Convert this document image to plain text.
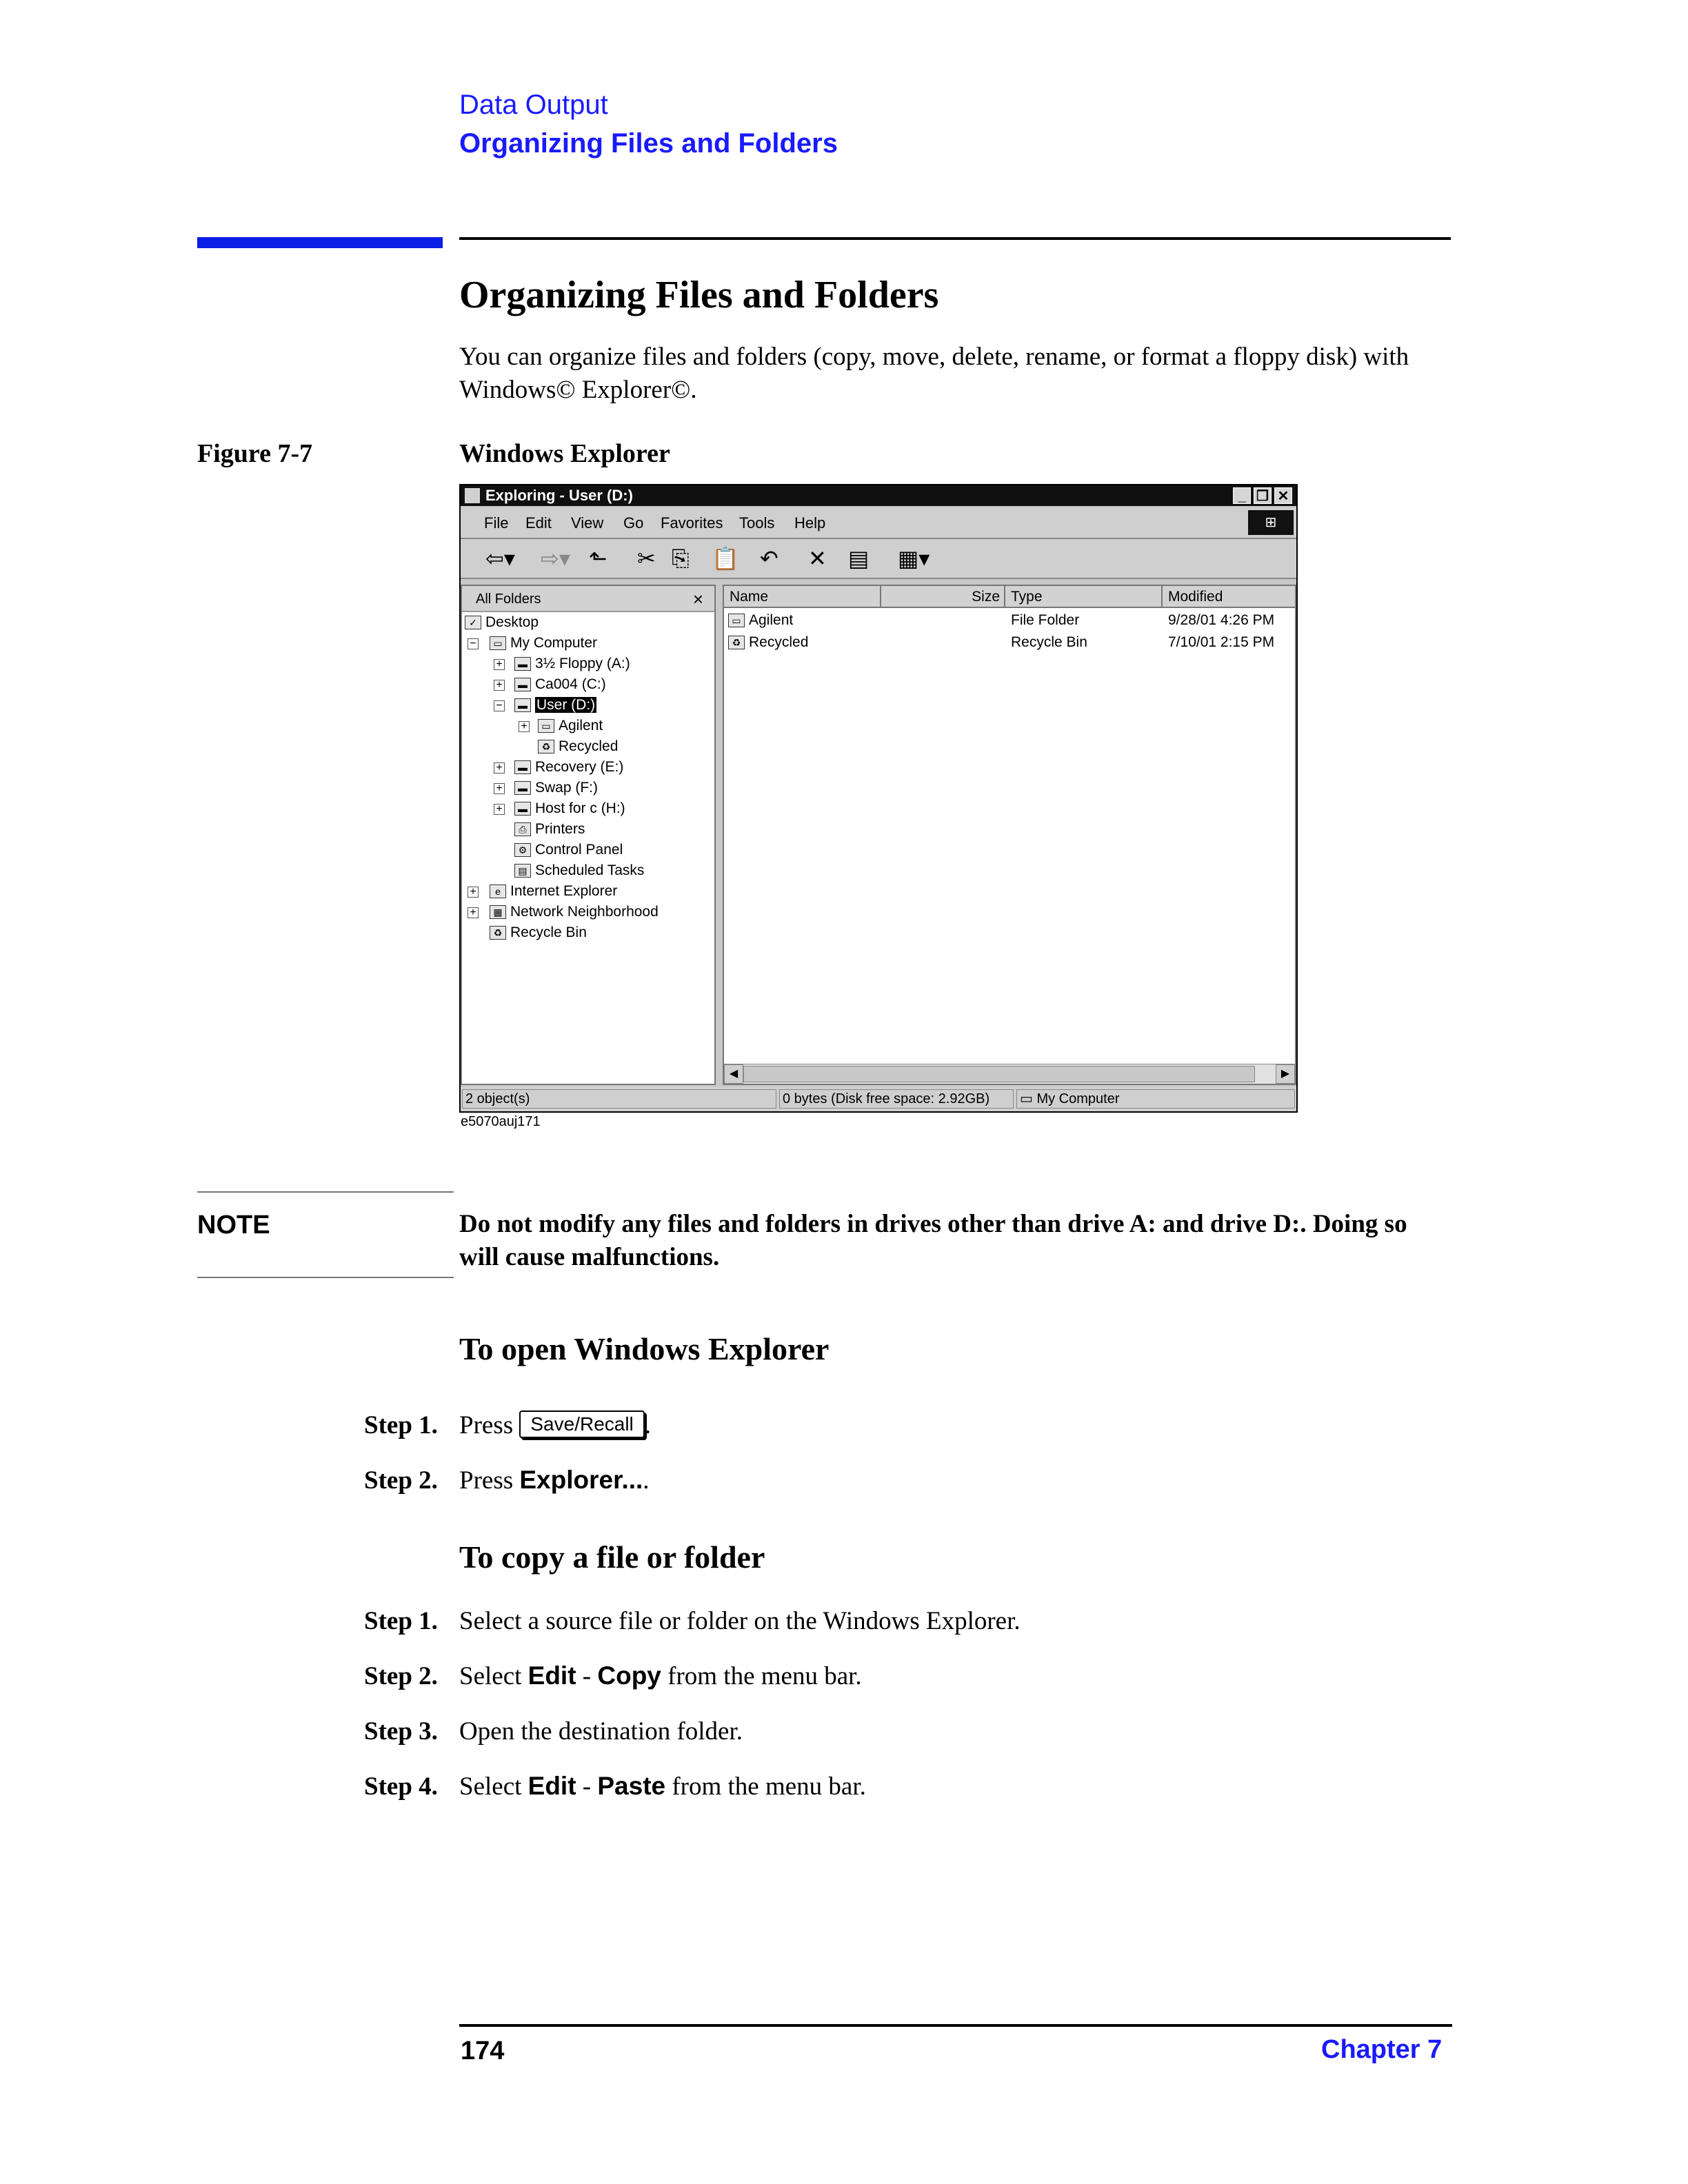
Data Output
Organizing Files and Folders
Organizing Files and Folders
You can organize files and folders (copy, move, delete, rename, or format a floppy disk) with Windows© Explorer©.
Figure 7-7	Windows Explorer
Exploring - User (D:)	_ ❐ ✕
File Edit View Go Favorites Tools Help	⊞
⇦▾ ⇨▾ ⬑ ✂ ⎘ 📋 ↶ ✕ ▤ ▦▾
All Folders	×
✓ Desktop
−	▭ My Computer
+	▬ 3½ Floppy (A:)
+	▬ Ca004 (C:)
−	▬ User (D:)
+	▭ Agilent
♻ Recycled
+	▬ Recovery (E:)
+	▬ Swap (F:)
+	▬ Host for c (H:)
⎙ Printers
⚙ Control Panel
▤ Scheduled Tasks
+	e Internet Explorer
+	▦ Network Neighborhood
♻ Recycle Bin
Name	Size Type	Modified
▭ Agilent	File Folder	9/28/01 4:26 PM
♻ Recycled	Recycle Bin	7/10/01 2:15 PM
◀	▶
2 object(s)	0 bytes (Disk free space: 2.92GB)	▭ My Computer
e5070auj171
NOTE	Do not modify any files and folders in drives other than drive A: and drive D:. Doing so will cause malfunctions.
To open Windows Explorer
Step 1. Press Save/Recall .
Step 2. Press Explorer....
To copy a file or folder
Step 1. Select a source file or folder on the Windows Explorer.
Step 2. Select Edit - Copy from the menu bar.
Step 3. Open the destination folder.
Step 4. Select Edit - Paste from the menu bar.
174	Chapter 7
